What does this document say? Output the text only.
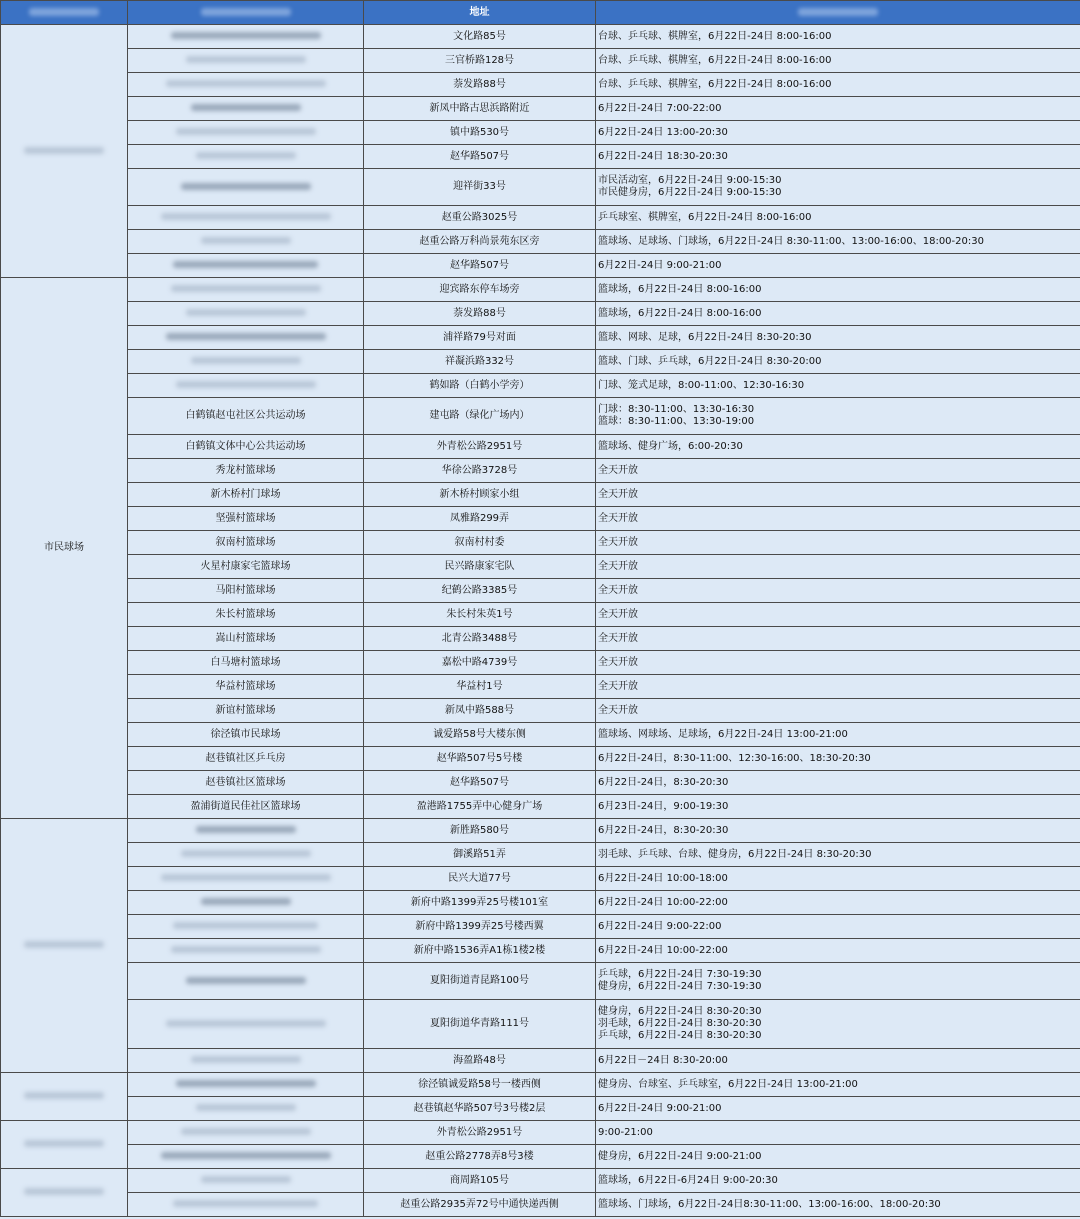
		地址	
		文化路85号	台球、乒乓球、棋牌室，6月22日-24日 8:00-16:00

		三官桥路128号	台球、乒乓球、棋牌室，6月22日-24日 8:00-16:00

		萘发路88号	台球、乒乓球、棋牌室，6月22日-24日 8:00-16:00

		新凤中路古思浜路附近	6月22日-24日 7:00-22:00

		镇中路530号	6月22日-24日 13:00-20:30

		赵华路507号	6月22日-24日 18:30-20:30

		迎祥街33号	市民活动室，6月22日-24日 9:00-15:30
市民健身房，6月22日-24日 9:00-15:30

		赵重公路3025号	乒乓球室、棋牌室，6月22日-24日 8:00-16:00

		赵重公路万科尚景苑东区旁	篮球场、足球场、门球场，6月22日-24日 8:30-11:00、13:00-16:00、18:00-20:30

		赵华路507号	6月22日-24日 9:00-21:00

市民球场		迎宾路东停车场旁	篮球场，6月22日-24日 8:00-16:00

		萘发路88号	篮球场，6月22日-24日 8:00-16:00

		浦祥路79号对面	篮球、网球、足球，6月22日-24日 8:30-20:30

		祥凝浜路332号	篮球、门球、乒乓球，6月22日-24日 8:30-20:00

		鹤如路（白鹤小学旁）	门球、笼式足球，8:00-11:00、12:30-16:30

	白鹤镇赵屯社区公共运动场	建屯路（绿化广场内）	门球：8:30-11:00、13:30-16:30
篮球：8:30-11:00、13:30-19:00

	白鹤镇文体中心公共运动场	外青松公路2951号	篮球场、健身广场，6:00-20:30

	秀龙村篮球场	华徐公路3728号	全天开放

	新木桥村门球场	新木桥村顾家小组	全天开放

	坚强村篮球场	凤雅路299弄	全天开放

	叙南村篮球场	叙南村村委	全天开放

	火星村康家宅篮球场	民兴路康家宅队	全天开放

	马阳村篮球场	纪鹤公路3385号	全天开放

	朱长村篮球场	朱长村朱英1号	全天开放

	嵩山村篮球场	北青公路3488号	全天开放

	白马塘村篮球场	嘉松中路4739号	全天开放

	华益村篮球场	华益村1号	全天开放

	新谊村篮球场	新凤中路588号	全天开放

	徐泾镇市民球场	诚爱路58号大楼东侧	篮球场、网球场、足球场，6月22日-24日 13:00-21:00

	赵巷镇社区乒乓房	赵华路507号5号楼	6月22日-24日，8:30-11:00、12:30-16:00、18:30-20:30

	赵巷镇社区篮球场	赵华路507号	6月22日-24日，8:30-20:30

	盈浦街道民佳社区篮球场	盈港路1755弄中心健身广场	6月23日-24日，9:00-19:30

		新胜路580号	6月22日-24日，8:30-20:30

		御溪路51弄	羽毛球、乒乓球、台球、健身房，6月22日-24日 8:30-20:30

		民兴大道77号	6月22日-24日 10:00-18:00

		新府中路1399弄25号楼101室	6月22日-24日 10:00-22:00

		新府中路1399弄25号楼西翼	6月22日-24日 9:00-22:00

		新府中路1536弄A1栋1楼2楼	6月22日-24日 10:00-22:00

		夏阳街道青昆路100号	乒乓球，6月22日-24日 7:30-19:30
健身房，6月22日-24日 7:30-19:30

		夏阳街道华青路111号	健身房，6月22日-24日 8:30-20:30
羽毛球，6月22日-24日 8:30-20:30
乒乓球，6月22日-24日 8:30-20:30

		海盈路48号	6月22日－24日 8:30-20:00

		徐泾镇诚爱路58号一楼西侧	健身房、台球室、乒乓球室，6月22日-24日 13:00-21:00

		赵巷镇赵华路507号3号楼2层	6月22日-24日 9:00-21:00

		外青松公路2951号	9:00-21:00

		赵重公路2778弄8号3楼	健身房，6月22日-24日 9:00-21:00

		商周路105号	篮球场，6月22日-6月24日 9:00-20:30

		赵重公路2935弄72号中通快递西侧	篮球场、门球场，6月22日-24日8:30-11:00、13:00-16:00、18:00-20:30
